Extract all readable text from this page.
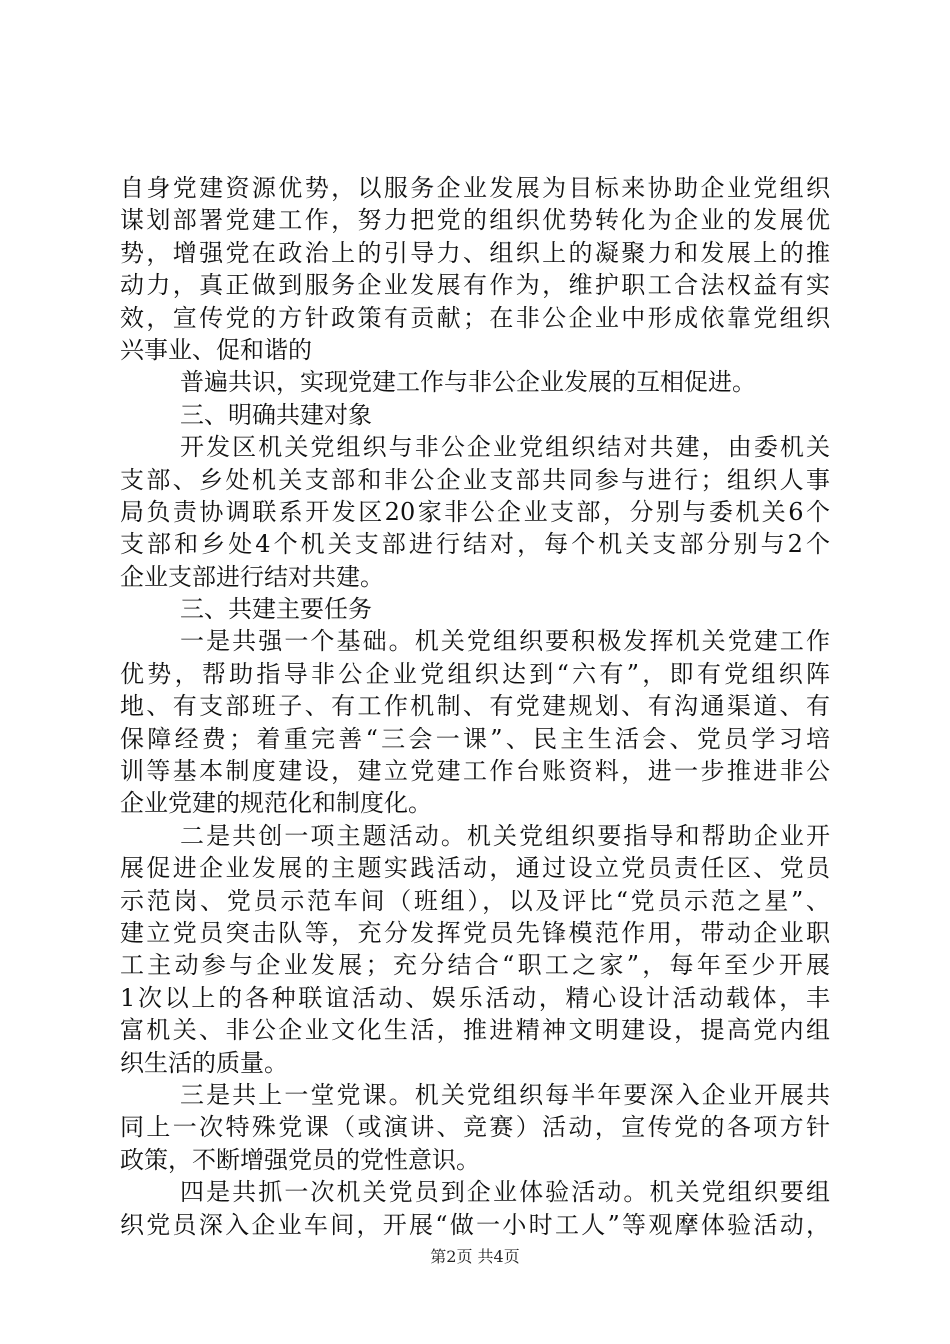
自身党建资源优势，以服务企业发展为目标来协助企业党组织
谋划部署党建工作，努力把党的组织优势转化为企业的发展优
势，增强党在政治上的引导力、组织上的凝聚力和发展上的推
动力，真正做到服务企业发展有作为，维护职工合法权益有实
效，宣传党的方针政策有贡献；在非公企业中形成依靠党组织
兴事业、促和谐的
普遍共识，实现党建工作与非公企业发展的互相促进。
三、明确共建对象
开发区机关党组织与非公企业党组织结对共建，由委机关
支部、乡处机关支部和非公企业支部共同参与进行；组织人事
局负责协调联系开发区20家非公企业支部，分别与委机关6个
支部和乡处4个机关支部进行结对，每个机关支部分别与2个
企业支部进行结对共建。
三、共建主要任务
一是共强一个基础。机关党组织要积极发挥机关党建工作
优势，帮助指导非公企业党组织达到“六有”，即有党组织阵
地、有支部班子、有工作机制、有党建规划、有沟通渠道、有
保障经费；着重完善“三会一课”、民主生活会、党员学习培
训等基本制度建设，建立党建工作台账资料，进一步推进非公
企业党建的规范化和制度化。
二是共创一项主题活动。机关党组织要指导和帮助企业开
展促进企业发展的主题实践活动，通过设立党员责任区、党员
示范岗、党员示范车间（班组），以及评比“党员示范之星”、
建立党员突击队等，充分发挥党员先锋模范作用，带动企业职
工主动参与企业发展；充分结合“职工之家”，每年至少开展
1次以上的各种联谊活动、娱乐活动，精心设计活动载体，丰
富机关、非公企业文化生活，推进精神文明建设，提高党内组
织生活的质量。
三是共上一堂党课。机关党组织每半年要深入企业开展共
同上一次特殊党课（或演讲、竞赛）活动，宣传党的各项方针
政策，不断增强党员的党性意识。
四是共抓一次机关党员到企业体验活动。机关党组织要组
织党员深入企业车间，开展“做一小时工人”等观摩体验活动，
第2页 共4页
